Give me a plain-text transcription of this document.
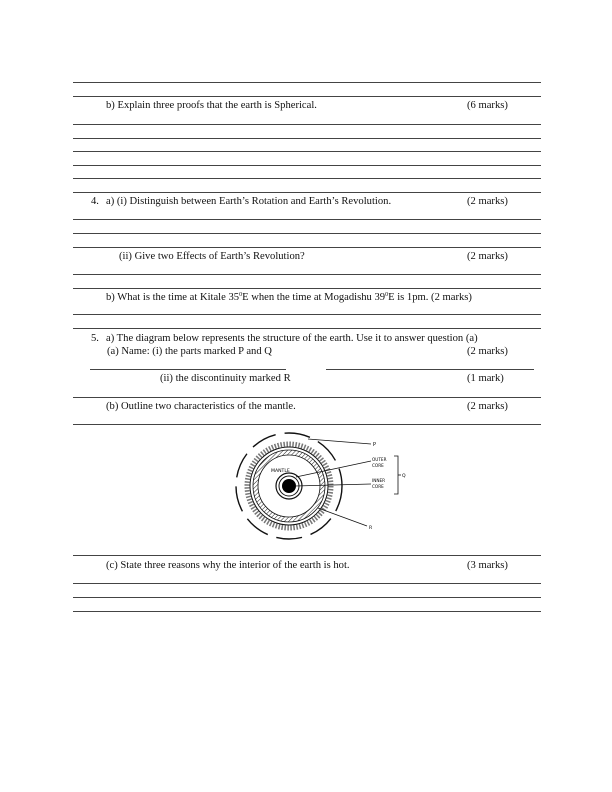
b) Explain three proofs that the earth is Spherical.	(6 marks)
4. a) (i) Distinguish between Earth’s Rotation and Earth’s Revolution.	(2 marks)
(ii) Give two Effects of Earth’s Revolution?	(2 marks)
b) What is the time at Kitale $35^0E$ when the time at Mogadishu $39^0E$ is 1pm. (2 marks)
5. a) The diagram below represents the structure of the earth. Use it to answer question (a)
(a) Name: (i) the parts marked P and Q	(2 marks)
(ii) the discontinuity marked R	(1 mark)
(b) Outline two characteristics of the mantle.	(2 marks)
P
MANTLE
OUTER
CORE
INNER
CORE
Q
R
(c) State three reasons why the interior of the earth is hot.	(3 marks)
